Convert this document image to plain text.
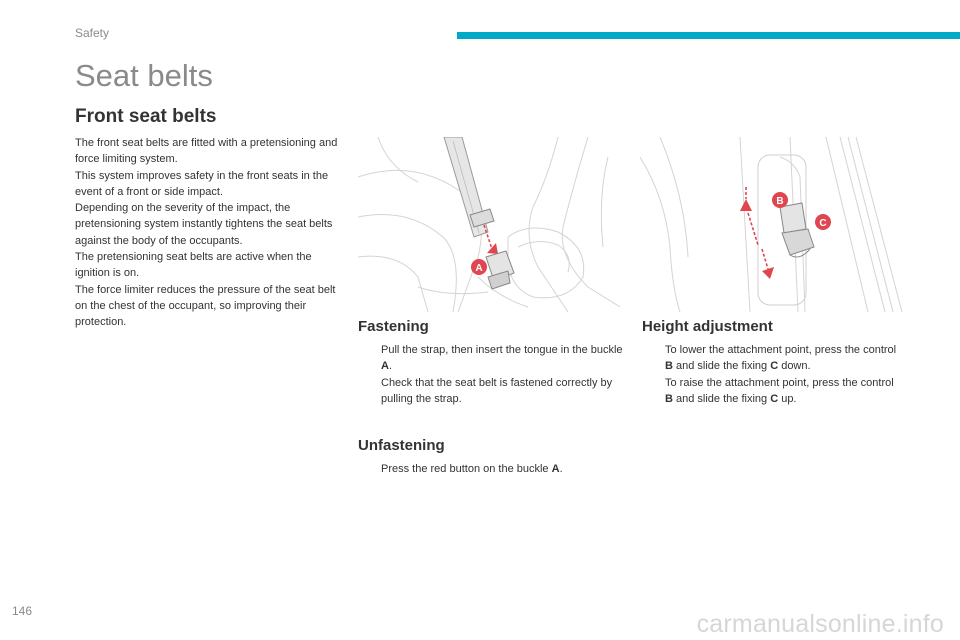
Safety
Seat belts
Front seat belts

The front seat belts are fitted with a pretensioning and force limiting system.

This system improves safety in the front seats in the event of a front or side impact.

Depending on the severity of the impact, the pretensioning system instantly tightens the seat belts against the body of the occupants.

The pretensioning seat belts are active when the ignition is on.

The force limiter reduces the pressure of the seat belt on the chest of the occupant, so improving their protection.

A
B
C
Fastening
Pull the strap, then insert the tongue in the buckle A.
Check that the seat belt is fastened correctly by pulling the strap.
Unfastening
Press the red button on the buckle A.
Height adjustment
To lower the attachment point, press the control B and slide the fixing C down.
To raise the attachment point, press the control B and slide the fixing C up.
146	carmanualsonline.info
